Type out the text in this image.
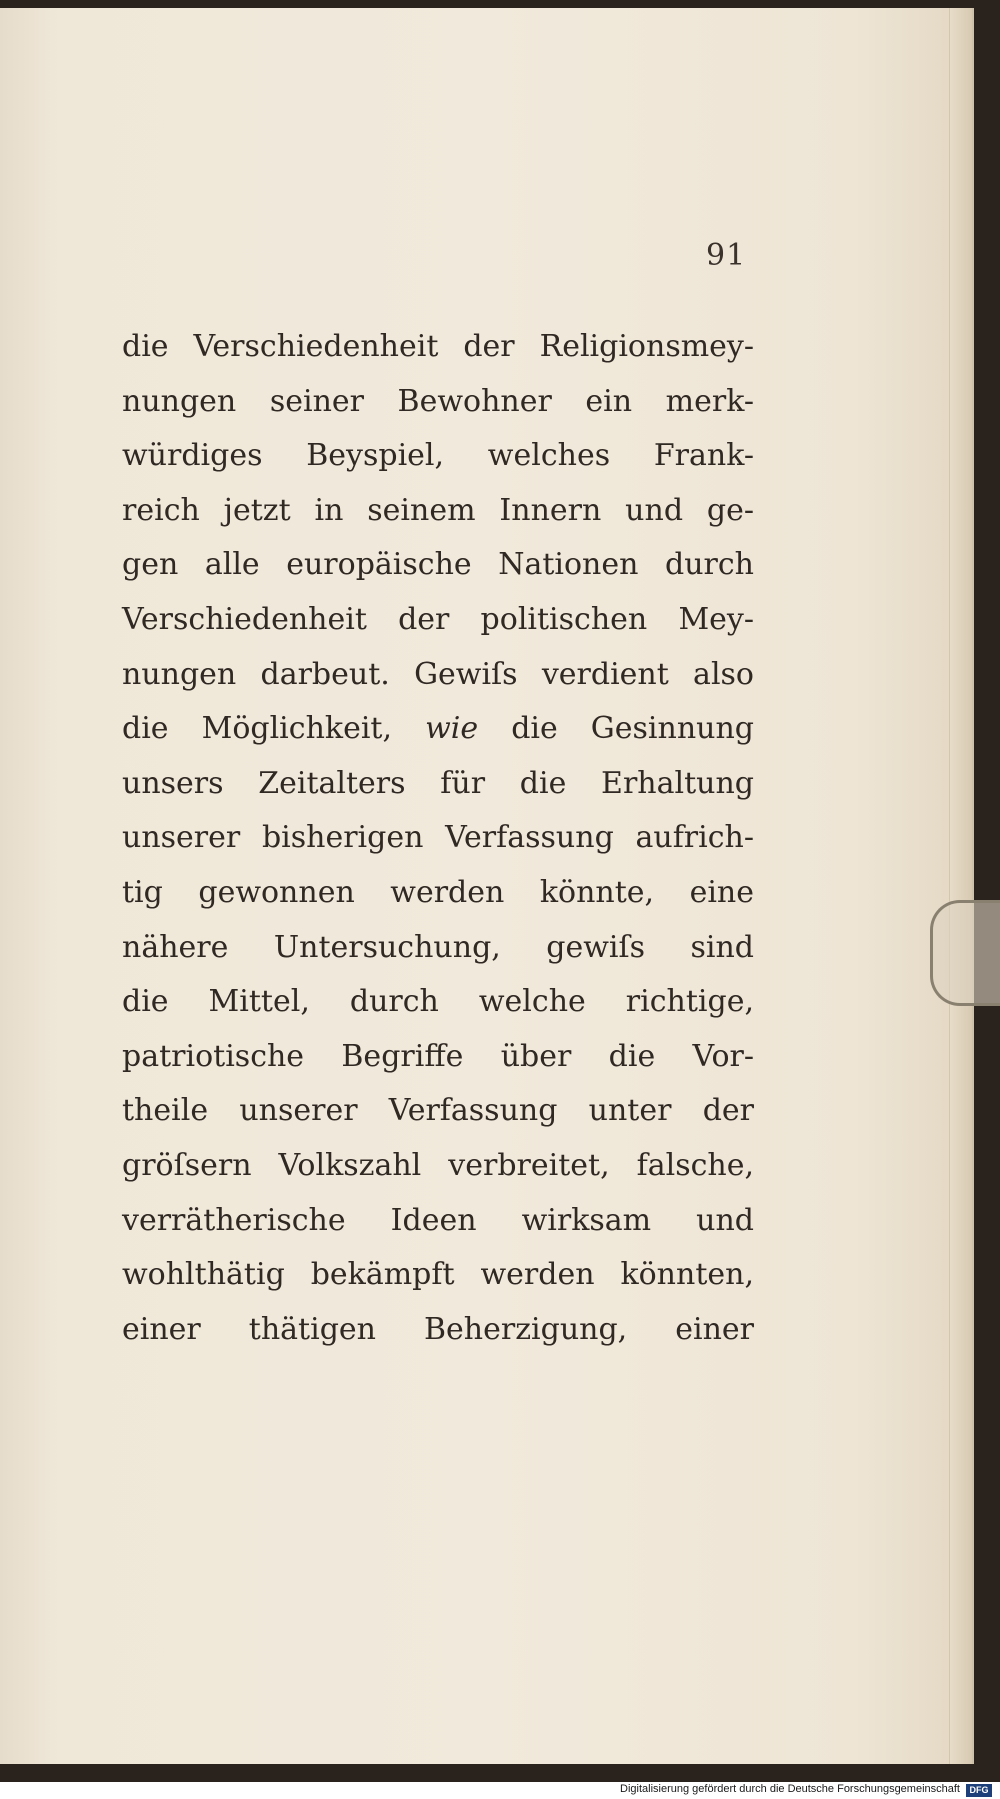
91
die Verschiedenheit der Religionsmey-
nungen seiner Bewohner ein merk-
würdiges Beyspiel, welches Frank-
reich jetzt in seinem Innern und ge-
gen alle europäische Nationen durch
Verschiedenheit der politischen Mey-
nungen darbeut. Gewiſs verdient also
die Möglichkeit, wie die Gesinnung
unsers Zeitalters für die Erhaltung
unserer bisherigen Verfassung aufrich-
tig gewonnen werden könnte, eine
nähere Untersuchung, gewiſs sind
die Mittel, durch welche richtige,
patriotische Begriffe über die Vor-
theile unserer Verfassung unter der
gröſsern Volkszahl verbreitet, falsche,
verrätherische Ideen wirksam und
wohlthätig bekämpft werden könnten,
einer thätigen Beherzigung, einer
Digitalisierung gefördert durch die Deutsche Forschungsgemeinschaft	DFG
